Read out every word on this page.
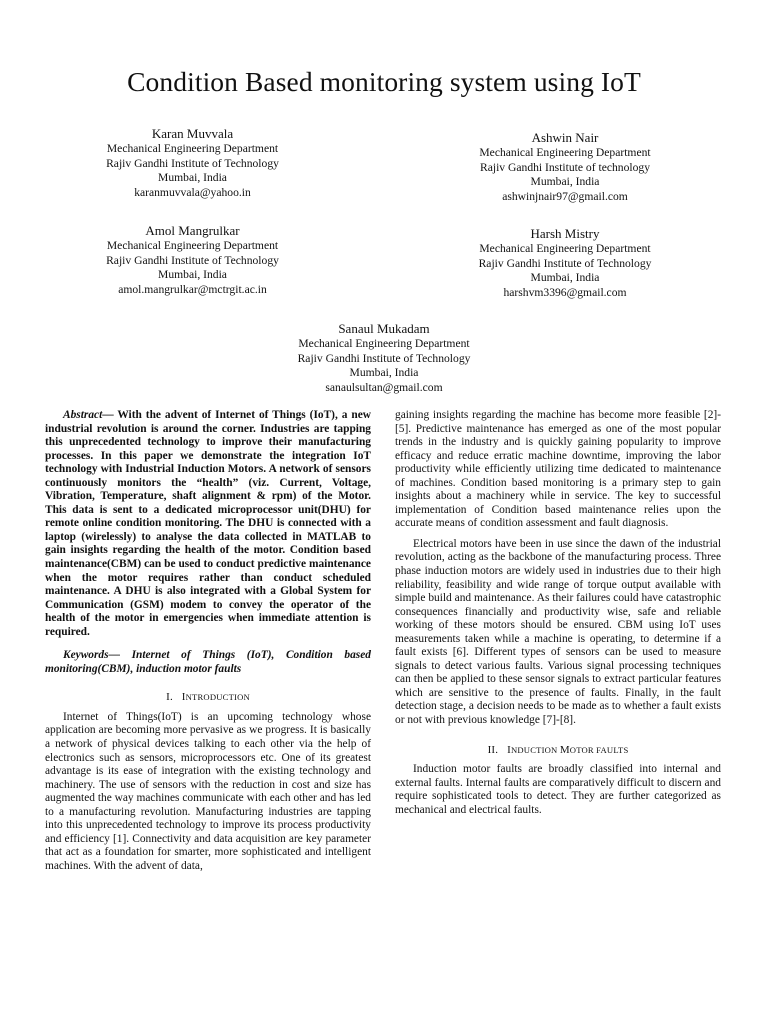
Condition Based monitoring system using IoT
Karan Muvvala
Mechanical Engineering Department
Rajiv Gandhi Institute of Technology
Mumbai, India
karanmuvvala@yahoo.in
Ashwin Nair
Mechanical Engineering Department
Rajiv Gandhi Institute of technology
Mumbai, India
ashwinjnair97@gmail.com
Amol Mangrulkar
Mechanical Engineering Department
Rajiv Gandhi Institute of Technology
Mumbai, India
amol.mangrulkar@mctrgit.ac.in
Harsh Mistry
Mechanical Engineering Department
Rajiv Gandhi Institute of Technology
Mumbai, India
harshvm3396@gmail.com
Sanaul Mukadam
Mechanical Engineering Department
Rajiv Gandhi Institute of Technology
Mumbai, India
sanaulsultan@gmail.com

Abstract— With the advent of Internet of Things (IoT), a new industrial revolution is around the corner. Industries are tapping this unprecedented technology to improve their manufacturing processes. In this paper we demonstrate the integration IoT technology with Industrial Induction Motors. A network of sensors continuously monitors the “health” (viz. Current, Voltage, Vibration, Temperature, shaft alignment & rpm) of the Motor. This data is sent to a dedicated microprocessor unit(DHU) for remote online condition monitoring. The DHU is connected with a laptop (wirelessly) to analyse the data collected in MATLAB to gain insights regarding the health of the motor. Condition based maintenance(CBM) can be used to conduct predictive maintenance when the motor requires rather than conduct scheduled maintenance. A DHU is also integrated with a Global System for Communication (GSM) modem to convey the operator of the health of the motor in emergencies when immediate attention is required.

Keywords— Internet of Things (IoT), Condition based monitoring(CBM), induction motor faults

I. INTRODUCTION

Internet of Things(IoT) is an upcoming technology whose application are becoming more pervasive as we progress. It is basically a network of physical devices talking to each other via the help of electronics such as sensors, microprocessors etc. One of its greatest advantage is its ease of integration with the existing technology and machinery. The use of sensors with the reduction in cost and size has augmented the way machines communicate with each other and has led to a manufacturing revolution. Manufacturing industries are tapping into this unprecedented technology to improve its process productivity and efficiency [1]. Connectivity and data acquisition are key parameter that act as a foundation for smarter, more sophisticated and intelligent machines. With the advent of data,

gaining insights regarding the machine has become more feasible [2]-[5]. Predictive maintenance has emerged as one of the most popular trends in the industry and is quickly gaining popularity to improve efficacy and reduce erratic machine downtime, improving the labor productivity while efficiently utilizing time dedicated to maintenance of machines. Condition based monitoring is a primary step to gain insights about a machinery while in service. The key to successful implementation of Condition based maintenance relies upon the accurate means of condition assessment and fault diagnosis.

Electrical motors have been in use since the dawn of the industrial revolution, acting as the backbone of the manufacturing process. Three phase induction motors are widely used in industries due to their high reliability, feasibility and wide range of torque output available with simple build and maintenance. As their failures could have catastrophic consequences financially and productivity wise, safe and reliable working of these motors should be ensured. CBM using IoT uses measurements taken while a machine is operating, to determine if a fault exists [6]. Different types of sensors can be used to measure signals to detect various faults. Various signal processing techniques can then be applied to these sensor signals to extract particular features which are sensitive to the presence of faults. Finally, in the fault detection stage, a decision needs to be made as to whether a fault exists or not with previous knowledge [7]-[8].

II. INDUCTION MOTOR FAULTS

Induction motor faults are broadly classified into internal and external faults. Internal faults are comparatively difficult to discern and require sophisticated tools to detect. They are further categorized as mechanical and electrical faults.
